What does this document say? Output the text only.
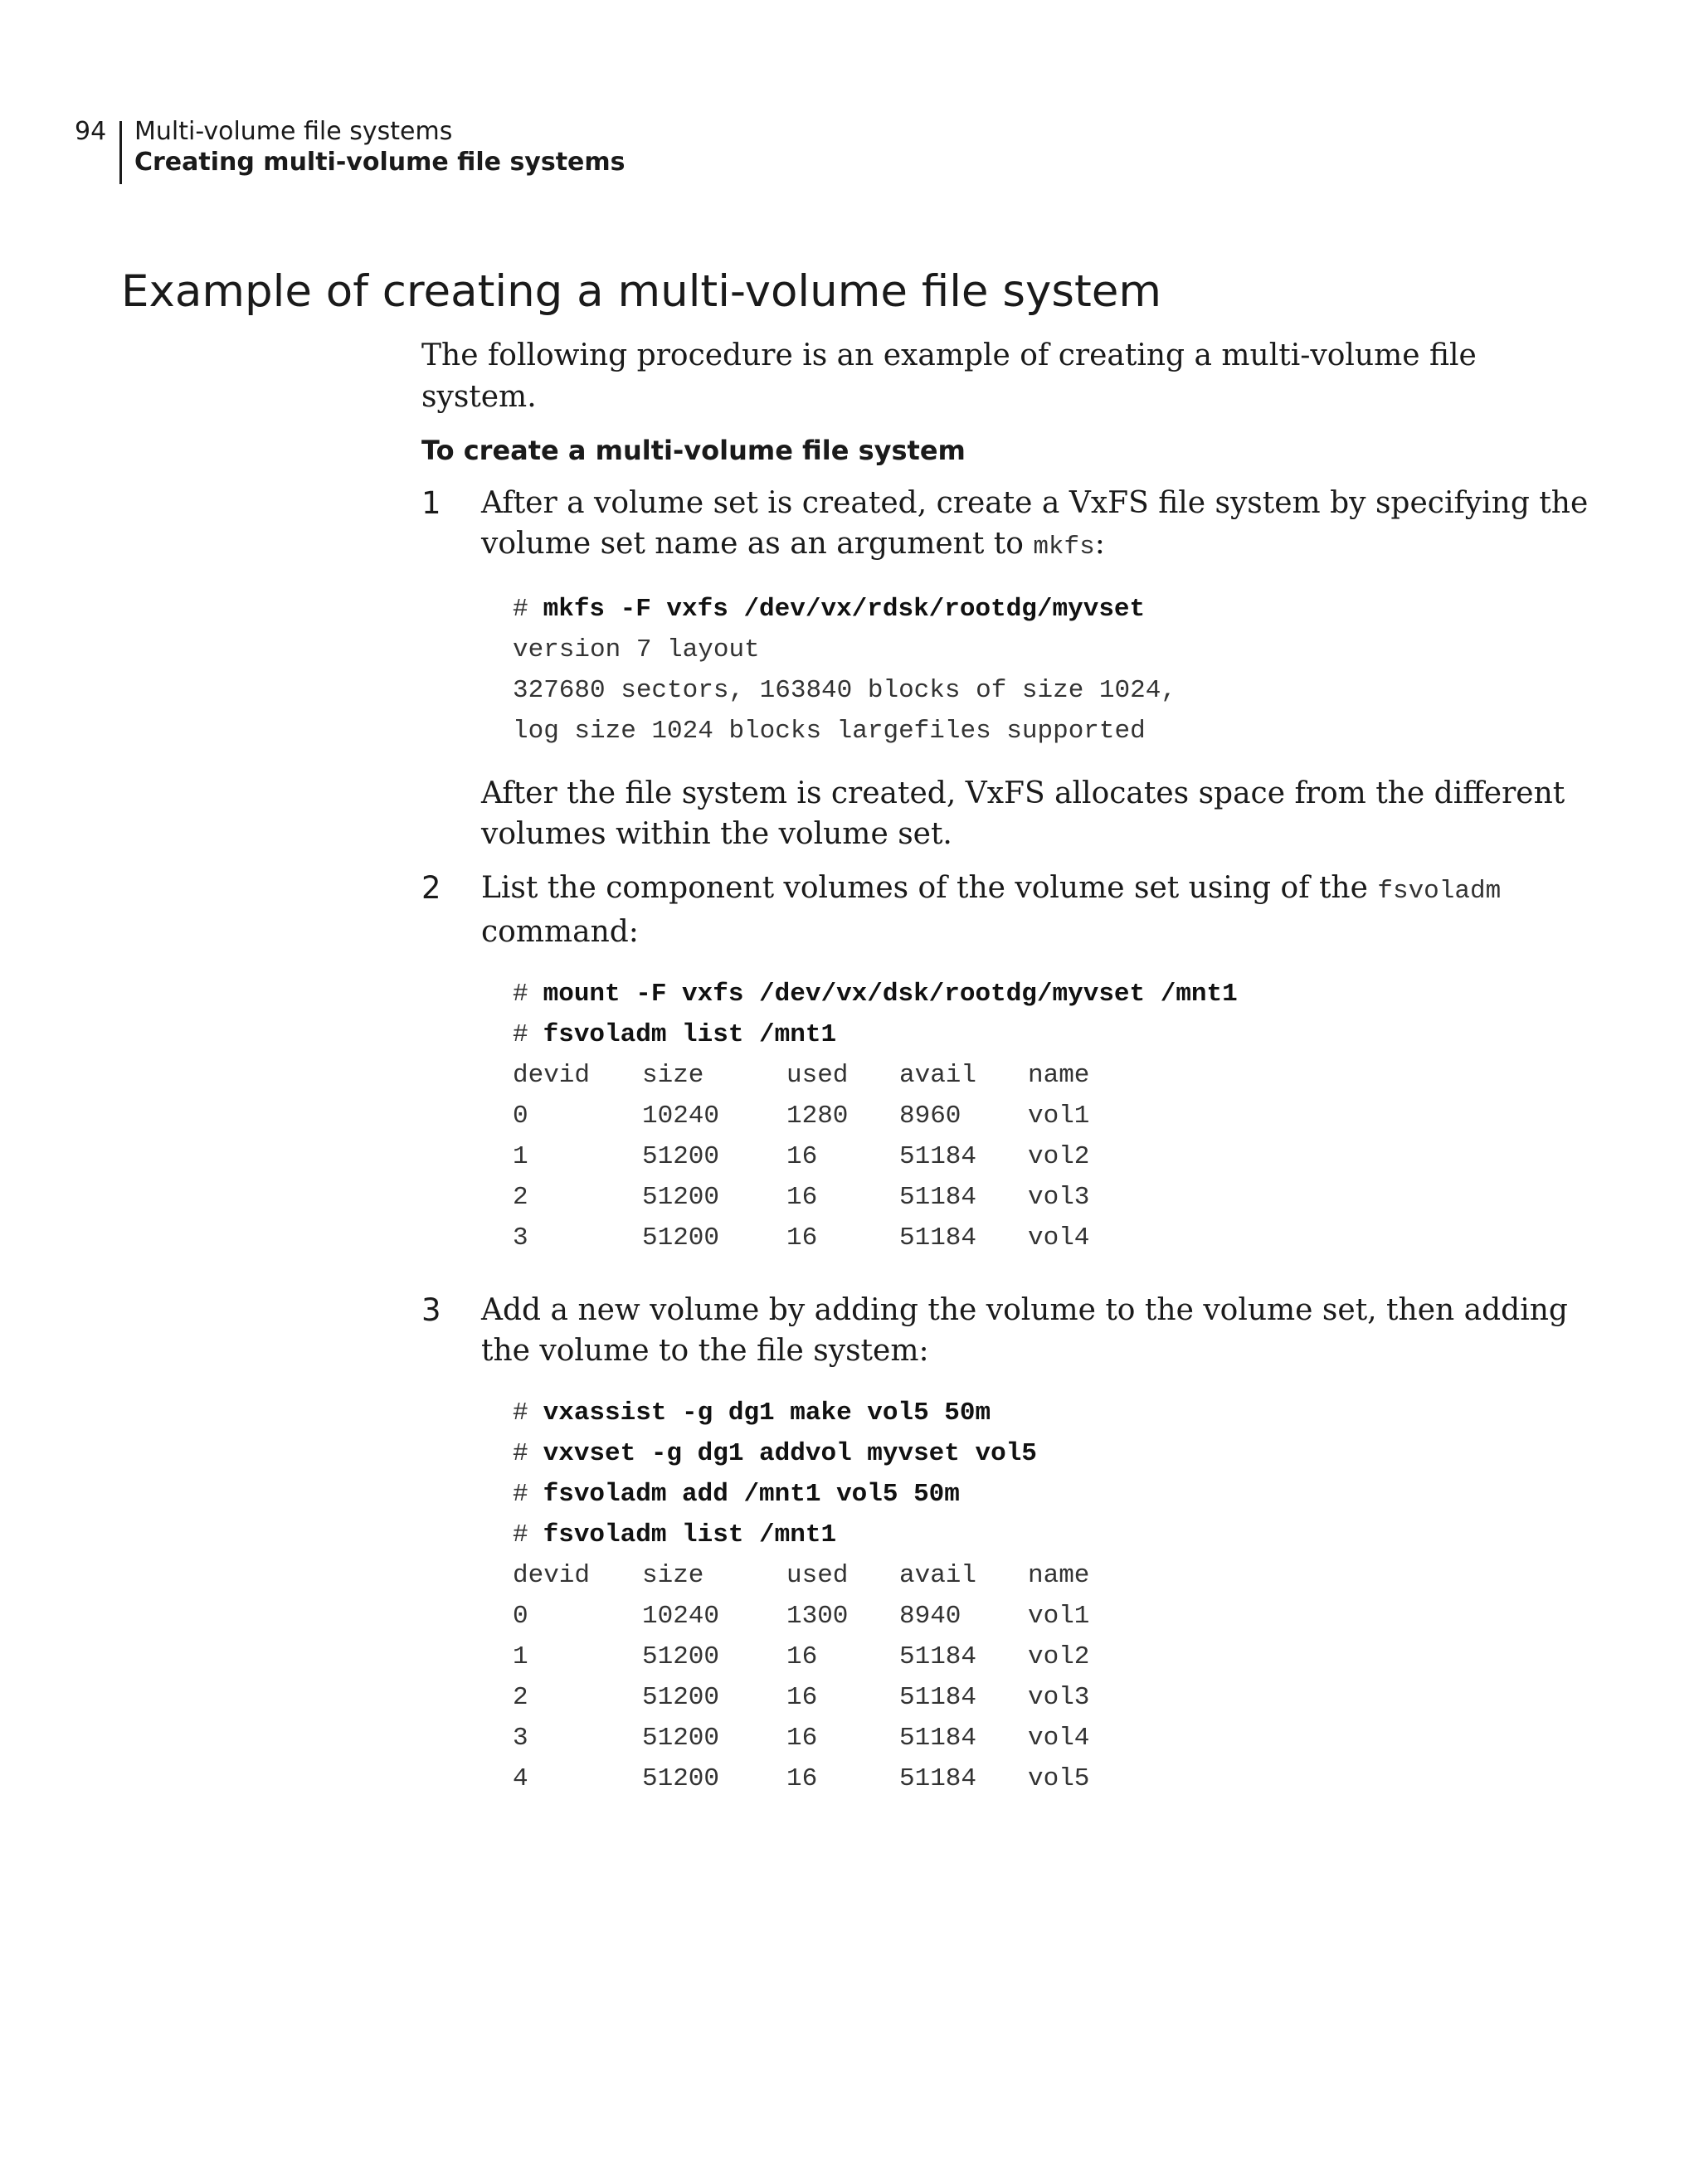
94 Multi-volume file systems
Creating multi-volume file systems
Example of creating a multi-volume file system

The following procedure is an example of creating a multi-volume file system.

To create a multi-volume file system
1 After a volume set is created, create a VxFS file system by specifying the volume set name as an argument to mkfs:

# mkfs -F vxfs /dev/vx/rdsk/rootdg/myvset
version 7 layout
327680 sectors, 163840 blocks of size 1024,
log size 1024 blocks largefiles supported

After the file system is created, VxFS allocates space from the different volumes within the volume set.

2 List the component volumes of the volume set using of the fsvoladm command:

# mount -F vxfs /dev/vx/dsk/rootdg/myvset /mnt1
# fsvoladm list /mnt1
devid	size	used	avail	name
0	10240	1280	8960	vol1
1	51200	16	51184	vol2
2	51200	16	51184	vol3
3	51200	16	51184	vol4
3 Add a new volume by adding the volume to the volume set, then adding the volume to the file system:

# vxassist -g dg1 make vol5 50m
# vxvset -g dg1 addvol myvset vol5
# fsvoladm add /mnt1 vol5 50m
# fsvoladm list /mnt1
devid	size	used	avail	name
0	10240	1300	8940	vol1
1	51200	16	51184	vol2
2	51200	16	51184	vol3
3	51200	16	51184	vol4
4	51200	16	51184	vol5
